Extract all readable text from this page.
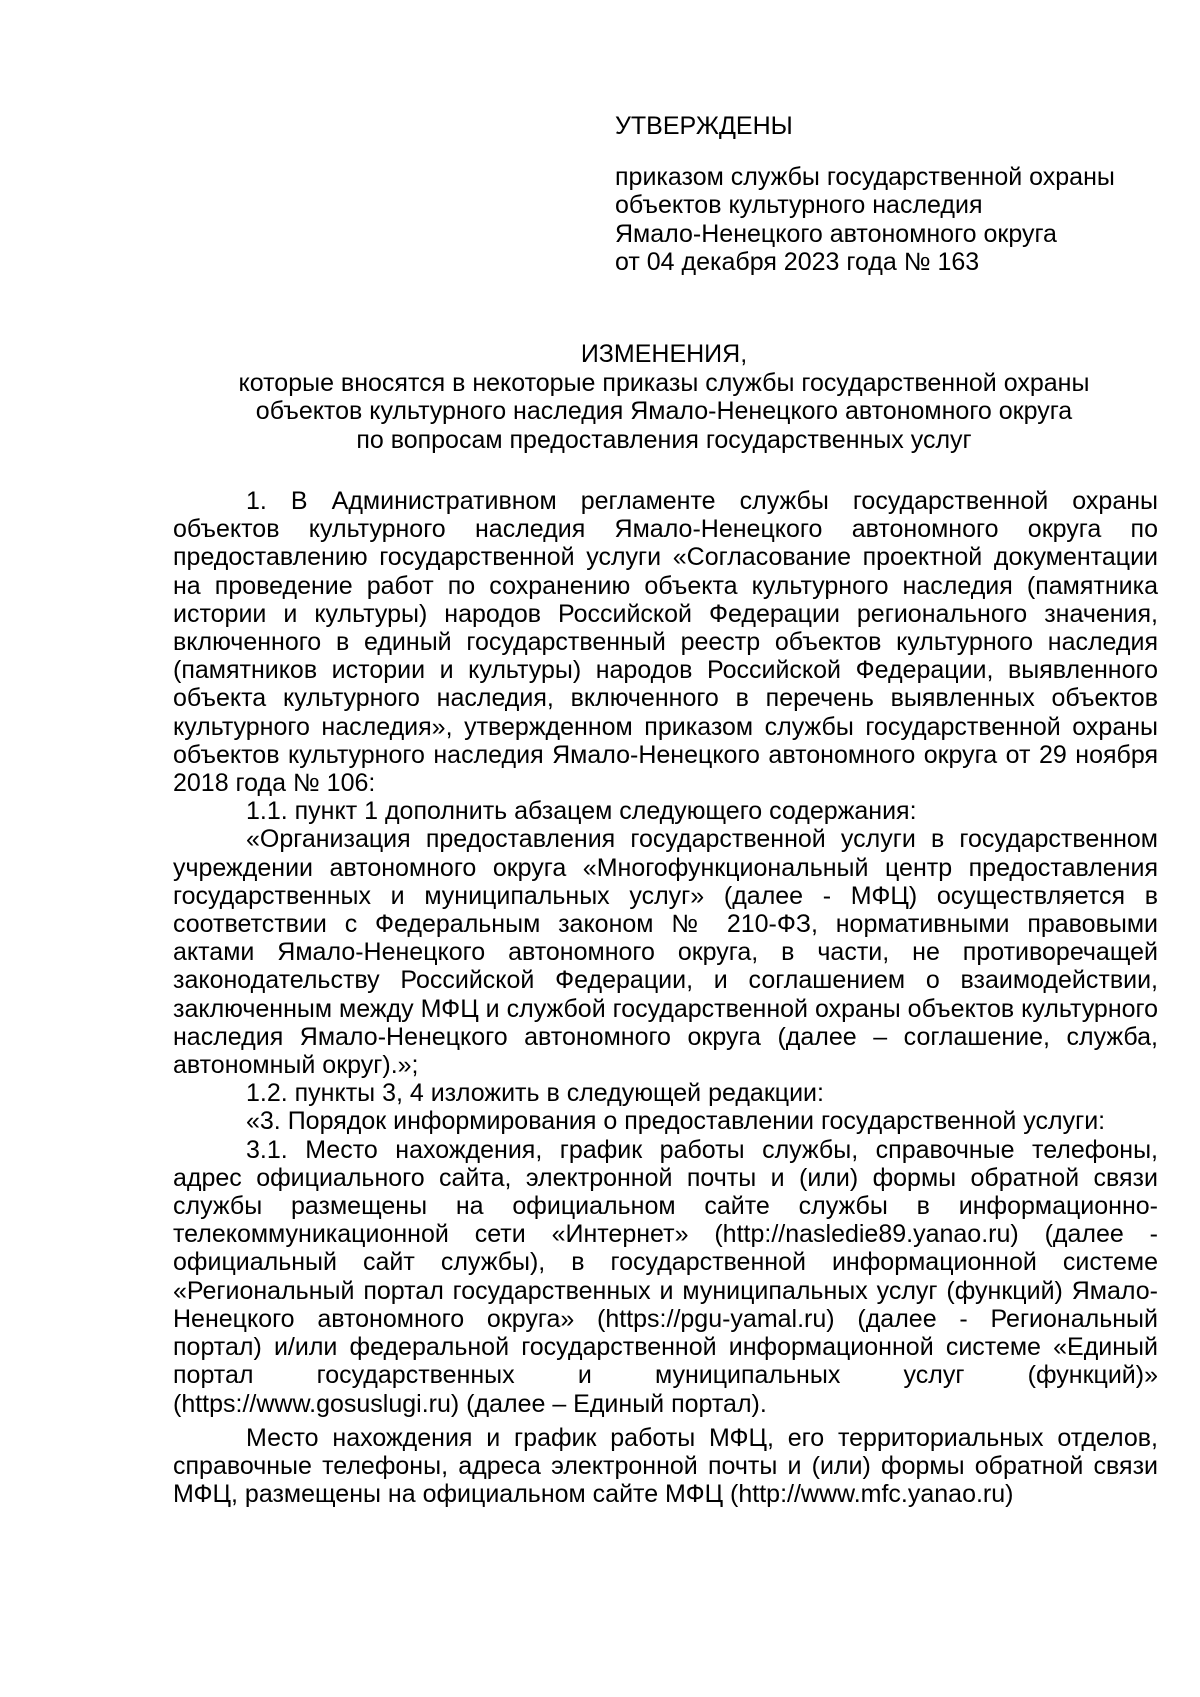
УТВЕРЖДЕНЫ
приказом службы государственной охраны
объектов культурного наследия
Ямало-Ненецкого автономного округа
от 04 декабря 2023 года № 163
ИЗМЕНЕНИЯ,
которые вносятся в некоторые приказы службы государственной охраны
объектов культурного наследия Ямало-Ненецкого автономного округа
по вопросам предоставления государственных услуг

1. В Административном регламенте службы государственной охраны объектов культурного наследия Ямало-Ненецкого автономного округа по предоставлению государственной услуги «Согласование проектной документации на проведение работ по сохранению объекта культурного наследия (памятника истории и культуры) народов Российской Федерации регионального значения, включенного в единый государственный реестр объектов культурного наследия (памятников истории и культуры) народов Российской Федерации, выявленного объекта культурного наследия, включенного в перечень выявленных объектов культурного наследия», утвержденном приказом службы государственной охраны объектов культурного наследия Ямало-Ненецкого автономного округа от 29 ноября 2018 года № 106:

1.1. пункт 1 дополнить абзацем следующего содержания:

«Организация предоставления государственной услуги в государственном учреждении автономного округа «Многофункциональный центр предоставления государственных и муниципальных услуг» (далее - МФЦ) осуществляется в соответствии с Федеральным законом № 210-ФЗ, нормативными правовыми актами Ямало-Ненецкого автономного округа, в части, не противоречащей законодательству Российской Федерации, и соглашением о взаимодействии, заключенным между МФЦ и службой государственной охраны объектов культурного наследия Ямало-Ненецкого автономного округа (далее – соглашение, служба, автономный округ).»;

1.2. пункты 3, 4 изложить в следующей редакции:

«3. Порядок информирования о предоставлении государственной услуги:

3.1. Место нахождения, график работы службы, справочные телефоны, адрес официального сайта, электронной почты и (или) формы обратной связи службы размещены на официальном сайте службы в информационно-телекоммуникационной сети «Интернет» (http://nasledie89.yanao.ru) (далее - официальный сайт службы), в государственной информационной системе «Региональный портал государственных и муниципальных услуг (функций) Ямало-Ненецкого автономного округа» (https://pgu-yamal.ru) (далее - Региональный портал) и/или федеральной государственной информационной системе «Единый портал государственных и муниципальных услуг (функций)» (https://www.gosuslugi.ru) (далее – Единый портал).

Место нахождения и график работы МФЦ, его территориальных отделов, справочные телефоны, адреса электронной почты и (или) формы обратной связи МФЦ, размещены на официальном сайте МФЦ (http://www.mfc.yanao.ru)
